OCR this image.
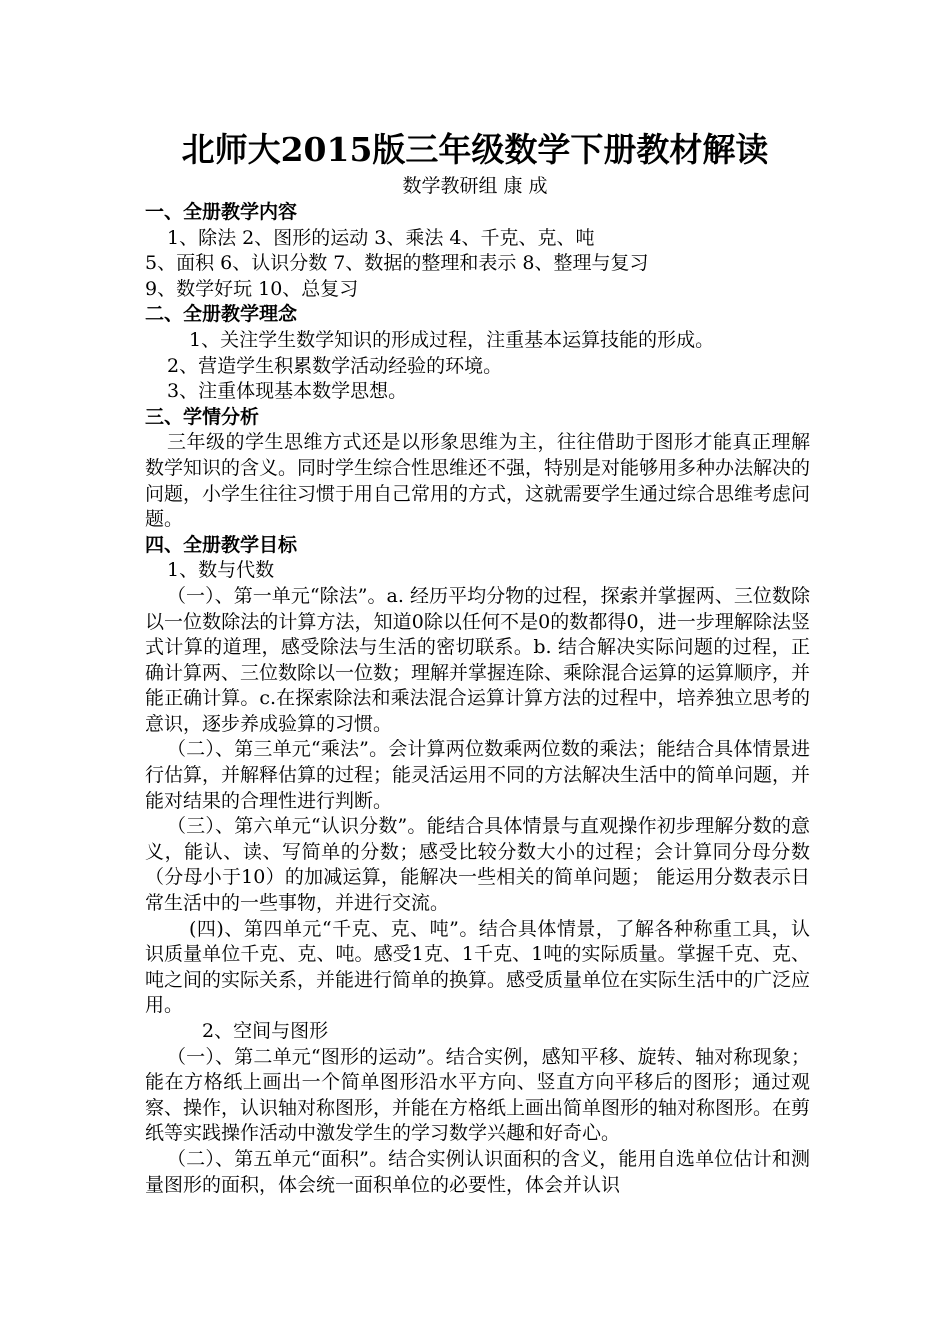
北师大2015版三年级数学下册教材解读
数学教研组 康 成

一、全册教学内容

1、除法 2、图形的运动 3、乘法 4、千克、克、吨

5、面积 6、认识分数 7、数据的整理和表示 8、整理与复习

9、数学好玩 10、总复习

二、全册教学理念

1、关注学生数学知识的形成过程，注重基本运算技能的形成。

2、营造学生积累数学活动经验的环境。

3、注重体现基本数学思想。

三、学情分析

三年级的学生思维方式还是以形象思维为主，往往借助于图形才能真正理解数学知识的含义。同时学生综合性思维还不强，特别是对能够用多种办法解决的问题，小学生往往习惯于用自己常用的方式，这就需要学生通过综合思维考虑问题。

四、全册教学目标

1、数与代数

（一）、第一单元“除法”。a. 经历平均分物的过程，探索并掌握两、三位数除以一位数除法的计算方法，知道0除以任何不是0的数都得0，进一步理解除法竖式计算的道理，感受除法与生活的密切联系。b. 结合解决实际问题的过程，正确计算两、三位数除以一位数；理解并掌握连除、乘除混合运算的运算顺序，并能正确计算。c.在探索除法和乘法混合运算计算方法的过程中，培养独立思考的意识，逐步养成验算的习惯。

（二）、第三单元“乘法”。会计算两位数乘两位数的乘法；能结合具体情景进行估算，并解释估算的过程；能灵活运用不同的方法解决生活中的简单问题，并能对结果的合理性进行判断。

（三）、第六单元“认识分数”。能结合具体情景与直观操作初步理解分数的意义，能认、读、写简单的分数；感受比较分数大小的过程；会计算同分母分数（分母小于10）的加减运算，能解决一些相关的简单问题； 能运用分数表示日常生活中的一些事物，并进行交流。

(四)、第四单元“千克、克、吨”。结合具体情景，了解各种称重工具，认识质量单位千克、克、吨。感受1克、1千克、1吨的实际质量。掌握千克、克、吨之间的实际关系，并能进行简单的换算。感受质量单位在实际生活中的广泛应用。

2、空间与图形

（一）、第二单元“图形的运动”。结合实例，感知平移、旋转、轴对称现象；能在方格纸上画出一个简单图形沿水平方向、竖直方向平移后的图形；通过观察、操作，认识轴对称图形，并能在方格纸上画出简单图形的轴对称图形。在剪纸等实践操作活动中激发学生的学习数学兴趣和好奇心。

（二）、第五单元“面积”。结合实例认识面积的含义，能用自选单位估计和测量图形的面积，体会统一面积单位的必要性，体会并认识
